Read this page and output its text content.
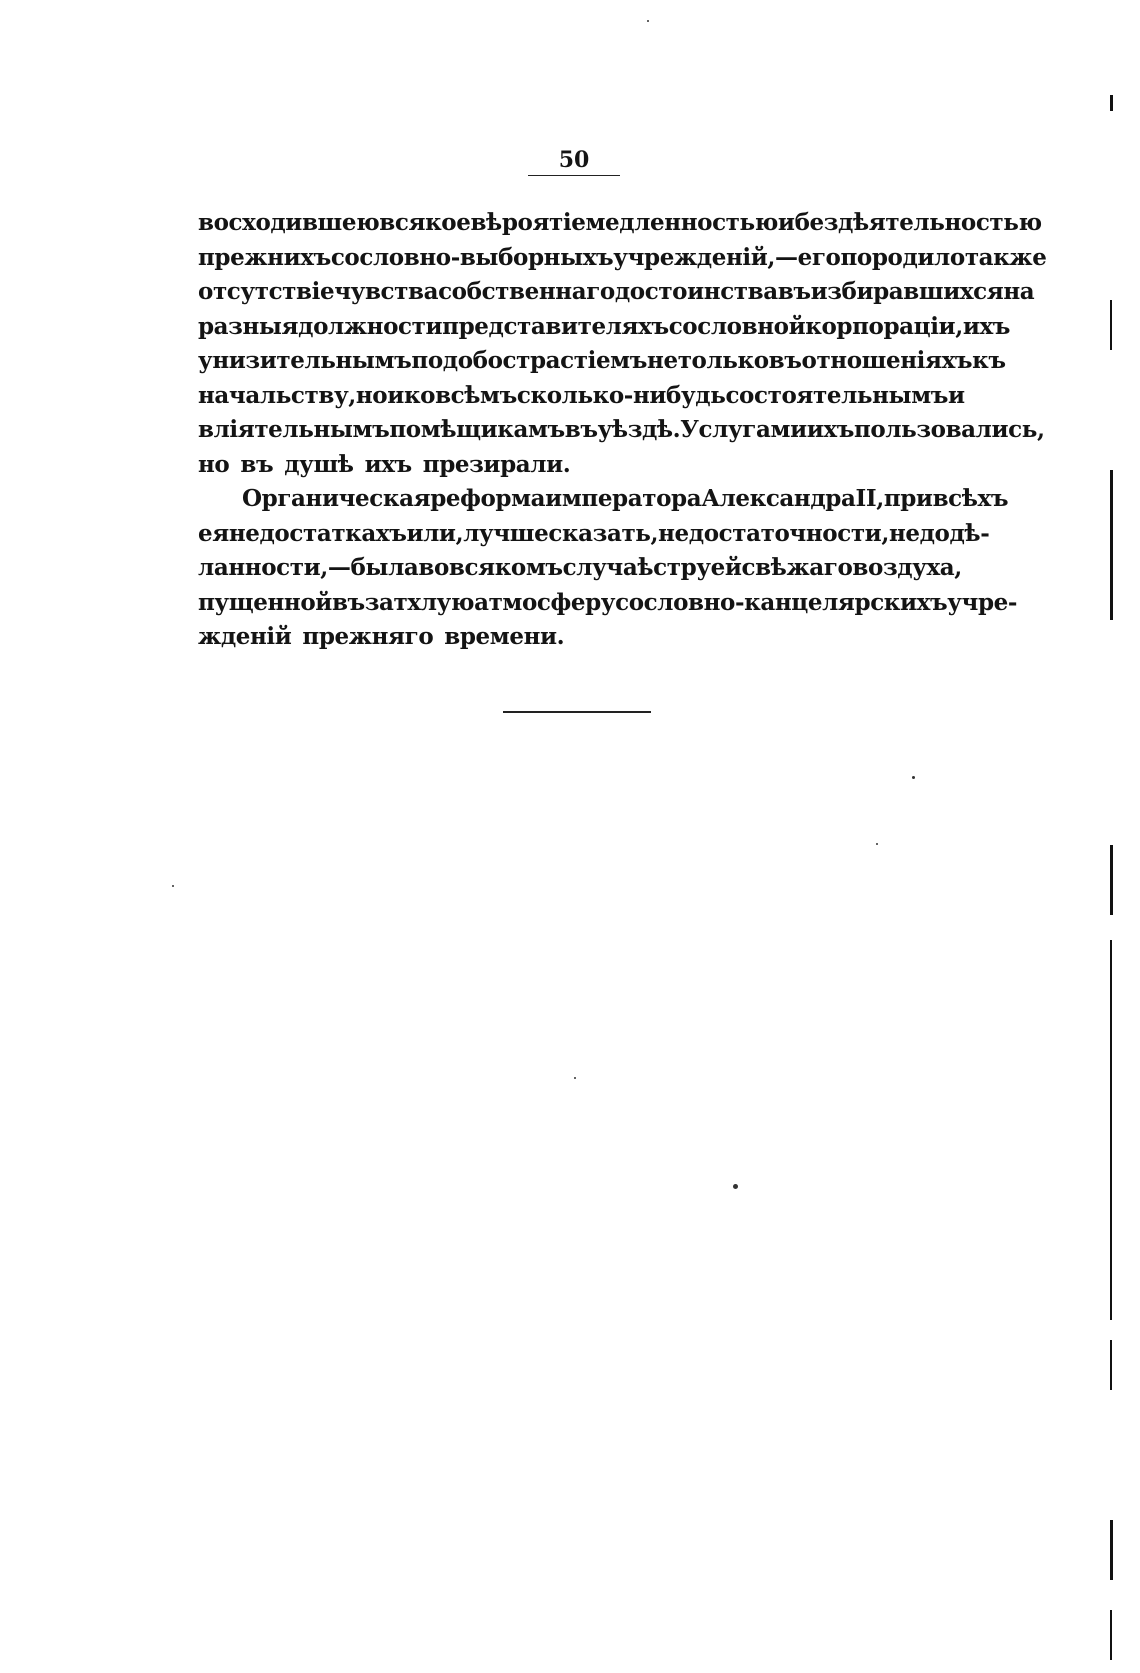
50
восходившею всякое вѣроятіе медленностью и бездѣятельностью
прежнихъ сословно-выборныхъ учрежденій,—его породило также
отсутствіе чувства собственнаго достоинства въ избиравшихся на
разныя должности представителяхъ сословной корпораціи, ихъ
унизительнымъ подобострастіемъ не только въ отношеніяхъ къ
начальству, но и ко всѣмъ сколько-нибудь состоятельнымъ и
вліятельнымъ помѣщикамъ въ уѣздѣ. Услугами ихъ пользовались,
но въ душѣ ихъ презирали.
Органическая реформа императора Александра II, при всѣхъ
ея недостаткахъ или, лучше сказать, недостаточности, недодѣ-
ланности, — была во всякомъ случаѣ струей свѣжаго воздуха,
пущенной въ затхлую атмосферу сословно-канцелярскихъ учре-
жденій прежняго времени.
